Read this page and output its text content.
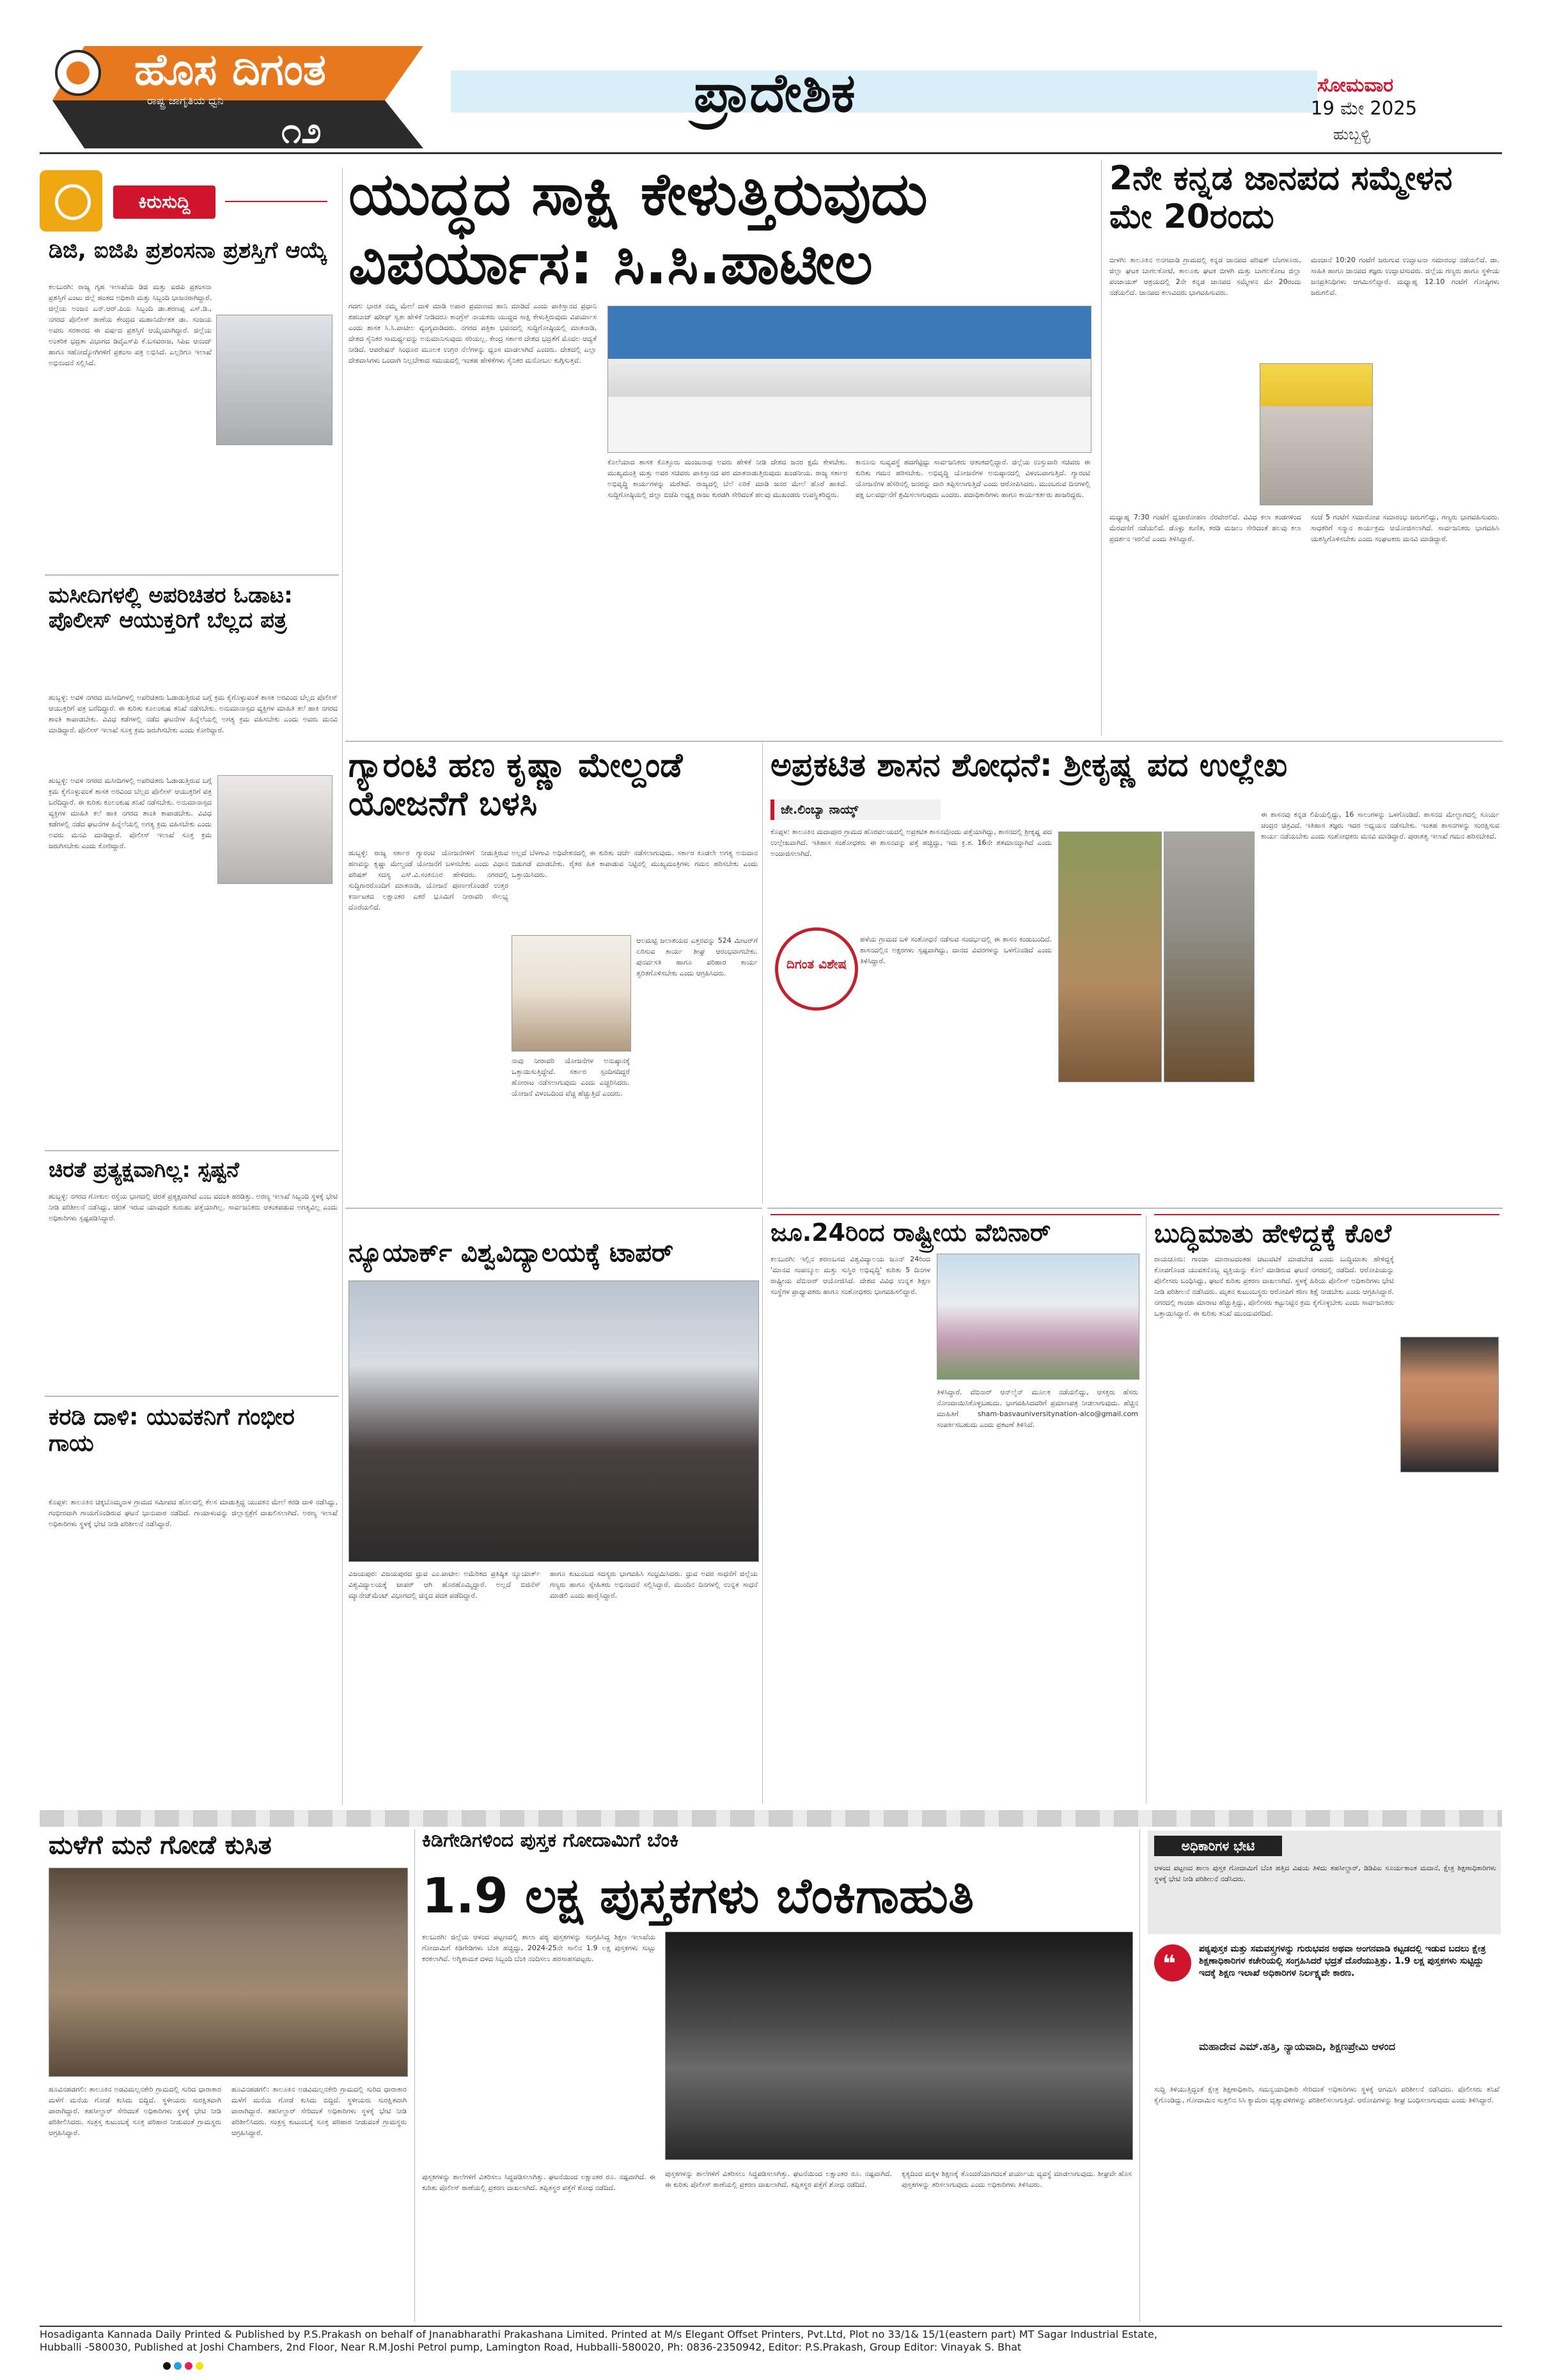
ಹೊಸ ದಿಗಂತ
ರಾಷ್ಟ್ರ ಜಾಗೃತಿಯ ಧ್ವನಿ
೧೨
ಪ್ರಾದೇಶಿಕ	ಸೋಮವಾರ
19 ಮೇ 2025
ಹುಬ್ಬಳ್ಳಿ
ಕಿರುಸುದ್ದಿ
ಡಿಜಿ, ಐಜಿಪಿ ಪ್ರಶಂಸನಾ ಪ್ರಶಸ್ತಿಗೆ ಆಯ್ಕೆ
ಕಲಬುರಗಿ: ರಾಜ್ಯ ಗೃಹ ಇಲಾಖೆಯ ಡಿಜಿ ಮತ್ತು ಐಜಿಪಿ ಪ್ರಶಂಸನಾ ಪ್ರಶಸ್ತಿಗೆ ಎಂಟು ಜಿಲ್ಲೆ ಹಂತದ ಅಧಿಕಾರಿ ಮತ್ತು ಸಿಬ್ಬಂದಿ ಭಾಜನರಾಗಿದ್ದಾರೆ. ಜಿಲ್ಲೆಯ ಅಂಜನ ಎನ್.ಆರ್.ಪಿಯ ಸಿಬ್ಬಂದಿ ಡಾ.ಶರಣಪ್ಪ ಎಸ್.ಡಿ., ನಗರದ ಪೊಲೀಸ್ ಠಾಣೆಯ ಕೇಂದ್ರದ ಮಹಾನಿರ್ದೇಶಕ ಡಾ. ಸಂಜಯ ಅವರು ಸರಕಾರದ ಈ ವರ್ಷದ ಪ್ರಶಸ್ತಿಗೆ ಆಯ್ಕೆಯಾಗಿದ್ದಾರೆ. ಜಿಲ್ಲೆಯ ಅಂತರಿಕ ಭದ್ರತಾ ವಿಭಾಗದ ಡಿವೈಎಸ್‌ಪಿ ಕೆ.ಬಸವರಾಜ, ಸಿಪಿಐ ಆನಂದ್ ಹಾಗೂ ಸಹೋದ್ಯೋಗಿಗಳಿಗೆ ಪ್ರಶಂಸಾ ಪತ್ರ ಲಭಿಸಿದೆ. ಎಲ್ಲರಿಗೂ ಇಲಾಖೆ ಅಭಿನಂದನೆ ಸಲ್ಲಿಸಿದೆ.
ಮಸೀದಿಗಳಲ್ಲಿ ಅಪರಿಚಿತರ ಓಡಾಟ: ಪೊಲೀಸ್ ಆಯುಕ್ತರಿಗೆ ಬೆಲ್ಲದ ಪತ್ರ
ಹುಬ್ಬಳ್ಳಿ: ಅವಳಿ ನಗರದ ಮಸೀದಿಗಳಲ್ಲಿ ಅಪರಿಚಿತರು ಓಡಾಡುತ್ತಿರುವ ಬಗ್ಗೆ ಕ್ರಮ ಕೈಗೊಳ್ಳುವಂತೆ ಶಾಸಕ ಅರವಿಂದ ಬೆಲ್ಲದ ಪೊಲೀಸ್ ಆಯುಕ್ತರಿಗೆ ಪತ್ರ ಬರೆದಿದ್ದಾರೆ. ಈ ಕುರಿತು ಕೂಲಂಕುಷ ತನಿಖೆ ನಡೆಸಬೇಕು. ಅನುಮಾನಾಸ್ಪದ ವ್ಯಕ್ತಿಗಳ ಮಾಹಿತಿ ಕಲೆ ಹಾಕಿ ನಗರದ ಶಾಂತಿ ಕಾಪಾಡಬೇಕು. ವಿವಿಧ ಕಡೆಗಳಲ್ಲಿ ನಡೆದ ಘಟನೆಗಳ ಹಿನ್ನೆಲೆಯಲ್ಲಿ ಅಗತ್ಯ ಕ್ರಮ ವಹಿಸಬೇಕು ಎಂದು ಅವರು ಮನವಿ ಮಾಡಿದ್ದಾರೆ. ಪೊಲೀಸ್ ಇಲಾಖೆ ಸೂಕ್ತ ಕ್ರಮ ಜರುಗಿಸಬೇಕು ಎಂದು ಕೋರಿದ್ದಾರೆ.
ಹುಬ್ಬಳ್ಳಿ: ಅವಳಿ ನಗರದ ಮಸೀದಿಗಳಲ್ಲಿ ಅಪರಿಚಿತರು ಓಡಾಡುತ್ತಿರುವ ಬಗ್ಗೆ ಕ್ರಮ ಕೈಗೊಳ್ಳುವಂತೆ ಶಾಸಕ ಅರವಿಂದ ಬೆಲ್ಲದ ಪೊಲೀಸ್ ಆಯುಕ್ತರಿಗೆ ಪತ್ರ ಬರೆದಿದ್ದಾರೆ. ಈ ಕುರಿತು ಕೂಲಂಕುಷ ತನಿಖೆ ನಡೆಸಬೇಕು. ಅನುಮಾನಾಸ್ಪದ ವ್ಯಕ್ತಿಗಳ ಮಾಹಿತಿ ಕಲೆ ಹಾಕಿ ನಗರದ ಶಾಂತಿ ಕಾಪಾಡಬೇಕು. ವಿವಿಧ ಕಡೆಗಳಲ್ಲಿ ನಡೆದ ಘಟನೆಗಳ ಹಿನ್ನೆಲೆಯಲ್ಲಿ ಅಗತ್ಯ ಕ್ರಮ ವಹಿಸಬೇಕು ಎಂದು ಅವರು ಮನವಿ ಮಾಡಿದ್ದಾರೆ. ಪೊಲೀಸ್ ಇಲಾಖೆ ಸೂಕ್ತ ಕ್ರಮ ಜರುಗಿಸಬೇಕು ಎಂದು ಕೋರಿದ್ದಾರೆ.
ಚಿರತೆ ಪ್ರತ್ಯಕ್ಷವಾಗಿಲ್ಲ: ಸ್ಪಷ್ಟನೆ
ಹುಬ್ಬಳ್ಳಿ: ನಗರದ ಗೋಕುಲ ರಸ್ತೆಯ ಭಾಗದಲ್ಲಿ ಚಿರತೆ ಪ್ರತ್ಯಕ್ಷವಾಗಿದೆ ಎಂಬ ವದಂತಿ ಹರಡಿತ್ತು. ಅರಣ್ಯ ಇಲಾಖೆ ಸಿಬ್ಬಂದಿ ಸ್ಥಳಕ್ಕೆ ಭೇಟಿ ನೀಡಿ ಪರಿಶೀಲನೆ ನಡೆಸಿದ್ದು, ಚಿರತೆ ಇರುವ ಯಾವುದೇ ಕುರುಹು ಪತ್ತೆಯಾಗಿಲ್ಲ. ಸಾರ್ವಜನಿಕರು ಆತಂಕಪಡುವ ಅಗತ್ಯವಿಲ್ಲ ಎಂದು ಅಧಿಕಾರಿಗಳು ಸ್ಪಷ್ಟಪಡಿಸಿದ್ದಾರೆ.
ಕರಡಿ ದಾಳಿ: ಯುವಕನಿಗೆ ಗಂಭೀರ ಗಾಯ
ಕೊಪ್ಪಳ: ತಾಲೂಕಿನ ಚಿಕ್ಕಬೊಮ್ಮನಾಳ ಗ್ರಾಮದ ಸಮೀಪದ ಹೊಲದಲ್ಲಿ ಕೆಲಸ ಮಾಡುತ್ತಿದ್ದ ಯುವಕನ ಮೇಲೆ ಕರಡಿ ದಾಳಿ ನಡೆಸಿದ್ದು, ಗಂಭೀರವಾಗಿ ಗಾಯಗೊಂಡಿರುವ ಘಟನೆ ಭಾನುವಾರ ನಡೆದಿದೆ. ಗಾಯಾಳುವನ್ನು ಜಿಲ್ಲಾಸ್ಪತ್ರೆಗೆ ದಾಖಲಿಸಲಾಗಿದೆ. ಅರಣ್ಯ ಇಲಾಖೆ ಅಧಿಕಾರಿಗಳು ಸ್ಥಳಕ್ಕೆ ಭೇಟಿ ನೀಡಿ ಪರಿಶೀಲನೆ ನಡೆಸಿದ್ದಾರೆ.
ಯುದ್ಧದ ಸಾಕ್ಷಿ ಕೇಳುತ್ತಿರುವುದು ವಿಪರ್ಯಾಸ: ಸಿ.ಸಿ.ಪಾಟೀಲ
ಗದಗ: ಭಾರತ ನಮ್ಮ ಮೇಲೆ ದಾಳಿ ಮಾಡಿ ಅಪಾರ ಪ್ರಮಾಣದ ಹಾನಿ ಮಾಡಿದೆ ಎಂದು ಪಾಕಿಸ್ತಾನದ ಪ್ರಧಾನಿ ಶಹಬಾಜ್ ಷರೀಫ್ ಸ್ವತಃ ಹೇಳಿಕೆ ನೀಡಿದರೂ ಕಾಂಗ್ರೆಸ್ ನಾಯಕರು ಯುದ್ಧದ ಸಾಕ್ಷಿ ಕೇಳುತ್ತಿರುವುದು ವಿಪರ್ಯಾಸ ಎಂದು ಶಾಸಕ ಸಿ.ಸಿ.ಪಾಟೀಲ ವ್ಯಂಗ್ಯವಾಡಿದರು. ನಗರದ ಪತ್ರಿಕಾ ಭವನದಲ್ಲಿ ಸುದ್ದಿಗೋಷ್ಠಿಯಲ್ಲಿ ಮಾತನಾಡಿ, ದೇಶದ ಸೈನಿಕರ ಸಾಮರ್ಥ್ಯವನ್ನು ಅನುಮಾನಿಸುವುದು ಸರಿಯಲ್ಲ. ಕೇಂದ್ರ ಸರ್ಕಾರ ದೇಶದ ಭದ್ರತೆಗೆ ಮೊದಲ ಆದ್ಯತೆ ನೀಡಿದೆ. ಆಪರೇಷನ್ ಸಿಂಧೂರ ಮೂಲಕ ಉಗ್ರರ ನೆಲೆಗಳನ್ನು ಧ್ವಂಸ ಮಾಡಲಾಗಿದೆ ಎಂದರು. ದೇಶದಲ್ಲಿ ಎಲ್ಲಾ ದೇಶವಾಸಿಗಳು ಒಂದಾಗಿ ನಿಲ್ಲಬೇಕಾದ ಸಮಯದಲ್ಲಿ ಇಂತಹ ಹೇಳಿಕೆಗಳು ಸೈನಿಕರ ಮನೋಬಲ ಕುಗ್ಗಿಸುತ್ತವೆ.
ಕೊಲೆಯಾದ ಶಾಸಕ ಕೊತ್ತೂರು ಮಂಜುನಾಥ ಅವರು ಹೇಳಿಕೆ ನೀಡಿ ದೇಶದ ಜನರ ಕ್ಷಮೆ ಕೇಳಬೇಕು. ಮುಖ್ಯಮಂತ್ರಿ ಮತ್ತು ಅವರ ಸಚಿವರು ಪಾಕಿಸ್ತಾನದ ಪರ ಮಾತನಾಡುತ್ತಿರುವುದು ಖಂಡನೀಯ. ರಾಜ್ಯ ಸರ್ಕಾರ ಅಭಿವೃದ್ಧಿ ಕಾರ್ಯಗಳನ್ನು ಮರೆತಿದೆ. ರಾಜ್ಯದಲ್ಲಿ ಬೆಲೆ ಏರಿಕೆ ಮಾಡಿ ಜನರ ಮೇಲೆ ಹೊರೆ ಹಾಕಿದೆ. ಸುದ್ದಿಗೋಷ್ಠಿಯಲ್ಲಿ ಜಿಲ್ಲಾ ಬಿಜೆಪಿ ಅಧ್ಯಕ್ಷ ರಾಜು ಕುರಡಗಿ ಸೇರಿದಂತೆ ಹಲವು ಮುಖಂಡರು ಉಪಸ್ಥಿತರಿದ್ದರು.
ಕಾನೂನು ಸುವ್ಯವಸ್ಥೆ ಹದಗೆಟ್ಟಿದ್ದು ಸಾರ್ವಜನಿಕರು ಆತಂಕದಲ್ಲಿದ್ದಾರೆ. ಜಿಲ್ಲೆಯ ಉಸ್ತುವಾರಿ ಸಚಿವರು ಈ ಕುರಿತು ಗಮನ ಹರಿಸಬೇಕು. ಅಭಿವೃದ್ಧಿ ಯೋಜನೆಗಳ ಅನುಷ್ಠಾನದಲ್ಲಿ ವಿಳಂಬವಾಗುತ್ತಿದೆ. ಗ್ಯಾರಂಟಿ ಯೋಜನೆಗಳ ಹೆಸರಿನಲ್ಲಿ ಜನರನ್ನು ದಾರಿ ತಪ್ಪಿಸಲಾಗುತ್ತಿದೆ ಎಂದು ಆರೋಪಿಸಿದರು. ಮುಂಬರುವ ದಿನಗಳಲ್ಲಿ ಪಕ್ಷ ಬಲವರ್ಧನೆಗೆ ಶ್ರಮಿಸಲಾಗುವುದು ಎಂದರು. ಪದಾಧಿಕಾರಿಗಳು ಹಾಗೂ ಕಾರ್ಯಕರ್ತರು ಹಾಜರಿದ್ದರು.
2ನೇ ಕನ್ನಡ ಜಾನಪದ ಸಮ್ಮೇಳನ ಮೇ 20ರಂದು
ಬೀಳಗಿ: ತಾಲೂಕಿನ ಅನಗವಾಡಿ ಗ್ರಾಮದಲ್ಲಿ ಕನ್ನಡ ಜಾನಪದ ಪರಿಷತ್ ಬೆಂಗಳೂರು, ಜಿಲ್ಲಾ ಘಟಕ ಬಾಗಲಕೋಟೆ, ತಾಲೂಕು ಘಟಕ ಬೀಳಗಿ ಮತ್ತು ಬಾಗಲಕೋಟ ಜಿಲ್ಲಾ ಪಂಚಾಯತ್ ಆಶ್ರಯದಲ್ಲಿ 2ನೇ ಕನ್ನಡ ಜಾನಪದ ಸಮ್ಮೇಳನ ಮೇ 20ರಂದು ನಡೆಯಲಿದೆ. ಜಾನಪದ ಕಲಾವಿದರು ಭಾಗವಹಿಸುವರು.
ಮಂಜಾನೆ 10:20 ಗಂಟೆಗೆ ಜರುಗುವ ಉದ್ಘಾಟನಾ ಸಮಾರಂಭ ನಡೆಯಲಿದೆ. ಡಾ. ಸಾಹಿತಿ ಹಾಗೂ ಜಾನಪದ ತಜ್ಞರು ಉದ್ಘಾಟಿಸುವರು. ಜಿಲ್ಲೆಯ ಗಣ್ಯರು ಹಾಗೂ ಸ್ಥಳೀಯ ಜನಪ್ರತಿನಿಧಿಗಳು ಆಗಮಿಸಲಿದ್ದಾರೆ. ಮಧ್ಯಾಹ್ನ 12.10 ಗಂಟೆಗೆ ಗೋಷ್ಠಿಗಳು ಜರುಗಲಿವೆ.
ಮಧ್ಯಾಹ್ನ 7:30 ಗಂಟೆಗೆ ಧ್ವಜಾರೋಹಣ ನೆರವೇರಲಿದೆ. ವಿವಿಧ ಕಲಾ ತಂಡಗಳಿಂದ ಮೆರವಣಿಗೆ ನಡೆಯಲಿದೆ. ಡೊಳ್ಳು ಕುಣಿತ, ಕರಡಿ ಮಜಲು ಸೇರಿದಂತೆ ಹಲವು ಕಲಾ ಪ್ರದರ್ಶನ ಇರಲಿವೆ ಎಂದು ತಿಳಿಸಿದ್ದಾರೆ.
ಸಂಜೆ 5 ಗಂಟೆಗೆ ಸಮಾರೋಪ ಸಮಾರಂಭ ಜರುಗಲಿದ್ದು, ಗಣ್ಯರು ಭಾಗವಹಿಸುವರು. ಸಾಧಕರಿಗೆ ಸನ್ಮಾನ ಕಾರ್ಯಕ್ರಮ ಆಯೋಜಿಸಲಾಗಿದೆ. ಸಾರ್ವಜನಿಕರು ಭಾಗವಹಿಸಿ ಯಶಸ್ವಿಗೊಳಿಸಬೇಕು ಎಂದು ಸಂಘಟಕರು ಮನವಿ ಮಾಡಿದ್ದಾರೆ.
ಗ್ಯಾರಂಟಿ ಹಣ ಕೃಷ್ಣಾ ಮೇಲ್ದಂಡೆ ಯೋಜನೆಗೆ ಬಳಸಿ
ಹುಬ್ಬಳ್ಳಿ: ರಾಜ್ಯ ಸರ್ಕಾರ ಗ್ಯಾರಂಟಿ ಯೋಜನೆಗಳಿಗೆ ನೀಡುತ್ತಿರುವ ಹಣವನ್ನು ಕೃಷ್ಣಾ ಮೇಲ್ದಂಡೆ ಯೋಜನೆಗೆ ಬಳಸಬೇಕು ಎಂದು ವಿಧಾನ ಪರಿಷತ್ ಸದಸ್ಯ ಎಸ್.ವಿ.ಸಂಕನೂರ ಹೇಳಿದರು. ನಗರದಲ್ಲಿ ಸುದ್ದಿಗಾರರೊಂದಿಗೆ ಮಾತನಾಡಿ, ಯೋಜನೆ ಪೂರ್ಣಗೊಂಡರೆ ಉತ್ತರ ಕರ್ನಾಟಕದ ಲಕ್ಷಾಂತರ ಎಕರೆ ಭೂಮಿಗೆ ನೀರಾವರಿ ಸೌಲಭ್ಯ ದೊರೆಯಲಿದೆ.
ಅಲ್ಲದೆ ಬೆಳಗಾವಿ ಅಧಿವೇಶನದಲ್ಲಿ ಈ ಕುರಿತು ಚರ್ಚೆ ನಡೆಸಲಾಗುವುದು. ಸರ್ಕಾರ ಕೂಡಲೇ ಅಗತ್ಯ ಅನುದಾನ ಬಿಡುಗಡೆ ಮಾಡಬೇಕು. ರೈತರ ಹಿತ ಕಾಪಾಡುವ ನಿಟ್ಟಿನಲ್ಲಿ ಮುಖ್ಯಮಂತ್ರಿಗಳು ಗಮನ ಹರಿಸಬೇಕು ಎಂದು ಒತ್ತಾಯಿಸಿದರು.
ನಾವು ನೀರಾವರಿ ಯೋಜನೆಗಳ ಅನುಷ್ಠಾನಕ್ಕೆ ಒತ್ತಾಯಿಸುತ್ತಿದ್ದೇವೆ. ಸರ್ಕಾರ ಸ್ಪಂದಿಸದಿದ್ದರೆ ಹೋರಾಟ ನಡೆಸಲಾಗುವುದು ಎಂದು ಎಚ್ಚರಿಸಿದರು. ಯೋಜನೆ ವಿಳಂಬದಿಂದ ವೆಚ್ಚ ಹೆಚ್ಚುತ್ತಿದೆ ಎಂದರು.
ಆಲಮಟ್ಟಿ ಜಲಾಶಯದ ಎತ್ತರವನ್ನು 524 ಮೀಟರ್‌ಗೆ ಏರಿಸುವ ಕಾರ್ಯ ಶೀಘ್ರ ಆರಂಭವಾಗಬೇಕು. ಪುನರ್ವಸತಿ ಹಾಗೂ ಪರಿಹಾರ ಕಾರ್ಯ ತ್ವರಿತಗೊಳಿಸಬೇಕು ಎಂದು ಆಗ್ರಹಿಸಿದರು.
ಅಪ್ರಕಟಿತ ಶಾಸನ ಶೋಧನೆ: ಶ್ರೀಕೃಷ್ಣ ಪದ ಉಲ್ಲೇಖ
ಜೇ.ಲಿಂಬ್ಯಾ ನಾಯ್ಕ್
ಕೊಪ್ಪಳ: ತಾಲೂಕಿನ ಮದಾಪೂರ ಗ್ರಾಮದ ಹೊರವಲಯದಲ್ಲಿ ಅಪ್ರಕಟಿತ ಶಾಸನವೊಂದು ಪತ್ತೆಯಾಗಿದ್ದು, ಶಾಸನದಲ್ಲಿ ಶ್ರೀಕೃಷ್ಣ ಪದ ಉಲ್ಲೇಖವಾಗಿದೆ. ಇತಿಹಾಸ ಸಂಶೋಧಕರು ಈ ಶಾಸನವನ್ನು ಪತ್ತೆ ಹಚ್ಚಿದ್ದು, ಇದು ಕ್ರಿ.ಶ. 16ನೇ ಶತಮಾನದ್ದಾಗಿದೆ ಎಂದು ಅಂದಾಜಿಸಲಾಗಿದೆ.
ದಿಗಂತ ವಿಶೇಷ
ಹಳೆಯ ಗ್ರಾಮದ ಬಳಿ ಸಂಶೋಧನೆ ನಡೆಸುವ ಸಂದರ್ಭದಲ್ಲಿ ಈ ಶಾಸನ ಕಂಡುಬಂದಿದೆ. ಶಾಸನದಲ್ಲಿನ ಅಕ್ಷರಗಳು ಸ್ಪಷ್ಟವಾಗಿದ್ದು, ದಾನದ ವಿವರಗಳನ್ನು ಒಳಗೊಂಡಿದೆ ಎಂದು ತಿಳಿಸಿದ್ದಾರೆ.
ಈ ಶಾಸನವು ಕನ್ನಡ ಲಿಪಿಯಲ್ಲಿದ್ದು, 16 ಸಾಲುಗಳನ್ನು ಒಳಗೊಂಡಿದೆ. ಶಾಸನದ ಮೇಲ್ಭಾಗದಲ್ಲಿ ಸೂರ್ಯ ಚಂದ್ರರ ಚಿತ್ರವಿದೆ. ಇತಿಹಾಸ ತಜ್ಞರು ಇದರ ಅಧ್ಯಯನ ನಡೆಸಬೇಕು. ಇಂತಹ ಶಾಸನಗಳನ್ನು ಸಂರಕ್ಷಿಸುವ ಕಾರ್ಯ ನಡೆಯಬೇಕು ಎಂದು ಸಂಶೋಧಕರು ಮನವಿ ಮಾಡಿದ್ದಾರೆ. ಪುರಾತತ್ವ ಇಲಾಖೆ ಗಮನ ಹರಿಸಬೇಕಿದೆ.
ನ್ಯೂಯಾರ್ಕ್ ವಿಶ್ವವಿದ್ಯಾಲಯಕ್ಕೆ ಟಾಪರ್
ವಿಜಯಪುರ: ವಿಜಯಪುರದ ಧ್ರುವ ಎಂ.ಪಾಟೀಲ ಅಮೆರಿಕದ ಪ್ರತಿಷ್ಠಿತ ನ್ಯೂಯಾರ್ಕ್ ವಿಶ್ವವಿದ್ಯಾಲಯಕ್ಕೆ ಟಾಪರ್ ಆಗಿ ಹೊರಹೊಮ್ಮಿದ್ದಾರೆ. ಅಲ್ಲದೆ ಬಿಜಿನೆಸ್ ಮ್ಯಾನೇಜ್‌ಮೆಂಟ್ ವಿಭಾಗದಲ್ಲಿ ಚಿನ್ನದ ಪದಕ ಪಡೆದಿದ್ದಾರೆ.
ಹಾಗೂ ಕುಟುಂಬದ ಸದಸ್ಯರು ಭಾಗವಹಿಸಿ ಸಂಭ್ರಮಿಸಿದರು. ಧ್ರುವ ಅವರ ಸಾಧನೆಗೆ ಜಿಲ್ಲೆಯ ಗಣ್ಯರು ಹಾಗೂ ಸ್ನೇಹಿತರು ಅಭಿನಂದನೆ ಸಲ್ಲಿಸಿದ್ದಾರೆ. ಮುಂದಿನ ದಿನಗಳಲ್ಲಿ ಉನ್ನತ ಸಾಧನೆ ಮಾಡಲಿ ಎಂದು ಹಾರೈಸಿದ್ದಾರೆ.
ಜೂ.24ರಿಂದ ರಾಷ್ಟ್ರೀಯ ವೆಬಿನಾರ್
ಕಲಬುರಗಿ: ಇಲ್ಲಿನ ಶರಣಬಸವ ವಿಶ್ವವಿದ್ಯಾಲಯ ಜೂನ್ 24ರಿಂದ 'ಮಾನವ ಸಂಪನ್ಮೂಲ ಮತ್ತು ಸುಸ್ಥಿರ ಅಭಿವೃದ್ಧಿ' ಕುರಿತು 5 ದಿನಗಳ ರಾಷ್ಟ್ರೀಯ ವೆಬಿನಾರ್ ಆಯೋಜಿಸಿದೆ. ದೇಶದ ವಿವಿಧ ಉನ್ನತ ಶಿಕ್ಷಣ ಸಂಸ್ಥೆಗಳ ಪ್ರಾಧ್ಯಾಪಕರು ಹಾಗೂ ಸಂಶೋಧಕರು ಭಾಗವಹಿಸಲಿದ್ದಾರೆ.
ತಿಳಿಸಿದ್ದಾರೆ. ವೆಬಿನಾರ್ ಆನ್‌ಲೈನ್ ಮೂಲಕ ನಡೆಯಲಿದ್ದು, ಆಸಕ್ತರು ಹೆಸರು ನೋಂದಾಯಿಸಿಕೊಳ್ಳಬಹುದು. ಭಾಗವಹಿಸಿದವರಿಗೆ ಪ್ರಮಾಣಪತ್ರ ನೀಡಲಾಗುವುದು. ಹೆಚ್ಚಿನ ಮಾಹಿತಿಗೆ sham-basvauniversitynation-alco@gmail.com ಸಂಪರ್ಕಿಸಬಹುದು ಎಂದು ಪ್ರಕಟಣೆ ತಿಳಿಸಿದೆ.
ಬುದ್ಧಿಮಾತು ಹೇಳಿದ್ದಕ್ಕೆ ಕೊಲೆ
ರಾಯಚೂರು: ಗಾಂಜಾ ಮಾರಾಟದಂತಹ ಚಟುವಟಿಕೆ ಮಾಡಬೇಡ ಎಂದು ಬುದ್ಧಿಮಾತು ಹೇಳಿದ್ದಕ್ಕೆ ಕೋಪಗೊಂಡ ಯುವಕನೊಬ್ಬ ವ್ಯಕ್ತಿಯನ್ನು ಕೊಲೆ ಮಾಡಿರುವ ಘಟನೆ ನಗರದಲ್ಲಿ ನಡೆದಿದೆ. ಆರೋಪಿಯನ್ನು ಪೊಲೀಸರು ಬಂಧಿಸಿದ್ದು, ಘಟನೆ ಕುರಿತು ಪ್ರಕರಣ ದಾಖಲಾಗಿದೆ. ಸ್ಥಳಕ್ಕೆ ಹಿರಿಯ ಪೊಲೀಸ್ ಅಧಿಕಾರಿಗಳು ಭೇಟಿ ನೀಡಿ ಪರಿಶೀಲನೆ ನಡೆಸಿದರು. ಮೃತನ ಕುಟುಂಬಸ್ಥರು ಆರೋಪಿಗೆ ಕಠಿಣ ಶಿಕ್ಷೆ ನೀಡಬೇಕು ಎಂದು ಆಗ್ರಹಿಸಿದ್ದಾರೆ. ನಗರದಲ್ಲಿ ಗಾಂಜಾ ಮಾರಾಟ ಹೆಚ್ಚುತ್ತಿದ್ದು, ಪೊಲೀಸರು ಕಟ್ಟುನಿಟ್ಟಿನ ಕ್ರಮ ಕೈಗೊಳ್ಳಬೇಕು ಎಂದು ಸಾರ್ವಜನಿಕರು ಒತ್ತಾಯಿಸಿದ್ದಾರೆ. ಈ ಕುರಿತು ತನಿಖೆ ಮುಂದುವರೆದಿದೆ.
ಮಳೆಗೆ ಮನೆ ಗೋಡೆ ಕುಸಿತ
ಹೂವಿನಹಡಗಲಿ: ತಾಲೂಕಿನ ಅಡವಿಮಲ್ಲನಕೇರಿ ಗ್ರಾಮದಲ್ಲಿ ಸುರಿದ ಧಾರಾಕಾರ ಮಳೆಗೆ ಮನೆಯ ಗೋಡೆ ಕುಸಿದು ಬಿದ್ದಿದೆ. ಸ್ಥಳೀಯರು ಸುರಕ್ಷಿತವಾಗಿ ಪಾರಾಗಿದ್ದಾರೆ. ತಹಸೀಲ್ದಾರ್ ಸೇರಿದಂತೆ ಅಧಿಕಾರಿಗಳು ಸ್ಥಳಕ್ಕೆ ಭೇಟಿ ನೀಡಿ ಪರಿಶೀಲಿಸಿದರು. ಸಂತ್ರಸ್ತ ಕುಟುಂಬಕ್ಕೆ ಸೂಕ್ತ ಪರಿಹಾರ ನೀಡುವಂತೆ ಗ್ರಾಮಸ್ಥರು ಆಗ್ರಹಿಸಿದ್ದಾರೆ.
ಹೂವಿನಹಡಗಲಿ: ತಾಲೂಕಿನ ಅಡವಿಮಲ್ಲನಕೇರಿ ಗ್ರಾಮದಲ್ಲಿ ಸುರಿದ ಧಾರಾಕಾರ ಮಳೆಗೆ ಮನೆಯ ಗೋಡೆ ಕುಸಿದು ಬಿದ್ದಿದೆ. ಸ್ಥಳೀಯರು ಸುರಕ್ಷಿತವಾಗಿ ಪಾರಾಗಿದ್ದಾರೆ. ತಹಸೀಲ್ದಾರ್ ಸೇರಿದಂತೆ ಅಧಿಕಾರಿಗಳು ಸ್ಥಳಕ್ಕೆ ಭೇಟಿ ನೀಡಿ ಪರಿಶೀಲಿಸಿದರು. ಸಂತ್ರಸ್ತ ಕುಟುಂಬಕ್ಕೆ ಸೂಕ್ತ ಪರಿಹಾರ ನೀಡುವಂತೆ ಗ್ರಾಮಸ್ಥರು ಆಗ್ರಹಿಸಿದ್ದಾರೆ.
ಕಿಡಿಗೇಡಿಗಳಿಂದ ಪುಸ್ತಕ ಗೋದಾಮಿಗೆ ಬೆಂಕಿ
1.9 ಲಕ್ಷ ಪುಸ್ತಕಗಳು ಬೆಂಕಿಗಾಹುತಿ
ಕಲಬುರಗಿ: ಜಿಲ್ಲೆಯ ಆಳಂದ ಪಟ್ಟಣದಲ್ಲಿ ಶಾಲಾ ಪಠ್ಯ ಪುಸ್ತಕಗಳನ್ನು ಸಂಗ್ರಹಿಸಿದ್ದ ಶಿಕ್ಷಣ ಇಲಾಖೆಯ ಗೋದಾಮಿಗೆ ಕಿಡಿಗೇಡಿಗಳು ಬೆಂಕಿ ಹಚ್ಚಿದ್ದು, 2024-25ನೇ ಸಾಲಿನ 1.9 ಲಕ್ಷ ಪುಸ್ತಕಗಳು ಸುಟ್ಟು ಕರಕಲಾಗಿವೆ. ಅಗ್ನಿಶಾಮಕ ದಳದ ಸಿಬ್ಬಂದಿ ಬೆಂಕಿ ನಂದಿಸಲು ಹರಸಾಹಸಪಟ್ಟರು.
ಪುಸ್ತಕಗಳನ್ನು ಶಾಲೆಗಳಿಗೆ ವಿತರಿಸಲು ಸಿದ್ಧಪಡಿಸಲಾಗಿತ್ತು. ಘಟನೆಯಿಂದ ಲಕ್ಷಾಂತರ ರೂ. ನಷ್ಟವಾಗಿದೆ. ಈ ಕುರಿತು ಪೊಲೀಸ್ ಠಾಣೆಯಲ್ಲಿ ಪ್ರಕರಣ ದಾಖಲಾಗಿದೆ. ತಪ್ಪಿತಸ್ಥರ ಪತ್ತೆಗೆ ಶೋಧ ನಡೆದಿದೆ.
ಪುಸ್ತಕಗಳನ್ನು ಶಾಲೆಗಳಿಗೆ ವಿತರಿಸಲು ಸಿದ್ಧಪಡಿಸಲಾಗಿತ್ತು. ಘಟನೆಯಿಂದ ಲಕ್ಷಾಂತರ ರೂ. ನಷ್ಟವಾಗಿದೆ. ಈ ಕುರಿತು ಪೊಲೀಸ್ ಠಾಣೆಯಲ್ಲಿ ಪ್ರಕರಣ ದಾಖಲಾಗಿದೆ. ತಪ್ಪಿತಸ್ಥರ ಪತ್ತೆಗೆ ಶೋಧ ನಡೆದಿದೆ.
ಕೃತ್ಯದಿಂದ ಮಕ್ಕಳ ಶಿಕ್ಷಣಕ್ಕೆ ತೊಂದರೆಯಾಗದಂತೆ ಪರ್ಯಾಯ ವ್ಯವಸ್ಥೆ ಮಾಡಲಾಗುವುದು. ಶೀಘ್ರವೇ ಹೊಸ ಪುಸ್ತಕಗಳನ್ನು ತರಿಸಲಾಗುವುದು ಎಂದು ಅಧಿಕಾರಿಗಳು ತಿಳಿಸಿದರು.
ಅಧಿಕಾರಿಗಳ ಭೇಟಿ
ಆಳಂದ ಪಟ್ಟಣದ ಶಾಲಾ ಪುಸ್ತಕ ಗೋದಾಮಿಗೆ ಬೆಂಕಿ ಹತ್ತಿದ ವಿಷಯ ತಿಳಿದು ತಹಸೀಲ್ದಾರ್, ಡಿಡಿಪಿಐ ಸೂರ್ಯಕಾಂತ ಮದಾನೆ, ಕ್ಷೇತ್ರ ಶಿಕ್ಷಣಾಧಿಕಾರಿಗಳು ಸ್ಥಳಕ್ಕೆ ಭೇಟಿ ನೀಡಿ ಪರಿಶೀಲನೆ ನಡೆಸಿದರು.
❝
ಪಠ್ಯಪುಸ್ತಕ ಮತ್ತು ಸಮವಸ್ತ್ರಗಳನ್ನು ಗುರುಭವನ ಅಥವಾ ಅಂಗನವಾಡಿ ಕಟ್ಟಡದಲ್ಲಿ ಇಡುವ ಬದಲು ಕ್ಷೇತ್ರ ಶಿಕ್ಷಣಾಧಿಕಾರಿಗಳ ಕಚೇರಿಯಲ್ಲಿ ಸಂಗ್ರಹಿಸಿದರೆ ಭದ್ರತೆ ದೊರೆಯುತ್ತಿತ್ತು. 1.9 ಲಕ್ಷ ಪುಸ್ತಕಗಳು ಸುಟ್ಟಿದ್ದು ಇದಕ್ಕೆ ಶಿಕ್ಷಣ ಇಲಾಖೆ ಅಧಿಕಾರಿಗಳ ನಿರ್ಲಕ್ಷ್ಯವೇ ಕಾರಣ.
ಮಹಾದೇವ ಎಮ್.ಹತ್ತಿ, ನ್ಯಾಯವಾದಿ, ಶಿಕ್ಷಣಪ್ರೇಮಿ ಆಳಂದ
ಸುದ್ದಿ ತಿಳಿಯುತ್ತಿದ್ದಂತೆ ಕ್ಷೇತ್ರ ಶಿಕ್ಷಣಾಧಿಕಾರಿ, ಸಮನ್ವಯಾಧಿಕಾರಿ ಸೇರಿದಂತೆ ಅಧಿಕಾರಿಗಳು ಸ್ಥಳಕ್ಕೆ ಆಗಮಿಸಿ ಪರಿಶೀಲನೆ ನಡೆಸಿದರು. ಪೊಲೀಸರು ತನಿಖೆ ಕೈಗೊಂಡಿದ್ದು, ಗೋದಾಮಿನ ಸುತ್ತಲಿನ ಸಿಸಿ ಕ್ಯಾಮೆರಾ ದೃಶ್ಯಾವಳಿಗಳನ್ನು ಪರಿಶೀಲಿಸಲಾಗುತ್ತಿದೆ. ಆರೋಪಿಗಳನ್ನು ಶೀಘ್ರ ಬಂಧಿಸಲಾಗುವುದು ಎಂದು ತಿಳಿಸಿದ್ದಾರೆ.
Hosadiganta Kannada Daily Printed & Published by P.S.Prakash on behalf of Jnanabharathi Prakashana Limited. Printed at M/s Elegant Offset Printers, Pvt.Ltd, Plot no 33/1& 15/1(eastern part) MT Sagar Industrial Estate,
Hubballi -580030, Published at Joshi Chambers, 2nd Floor, Near R.M.Joshi Petrol pump, Lamington Road, Hubballi-580020, Ph: 0836-2350942, Editor: P.S.Prakash, Group Editor: Vinayak S. Bhat
